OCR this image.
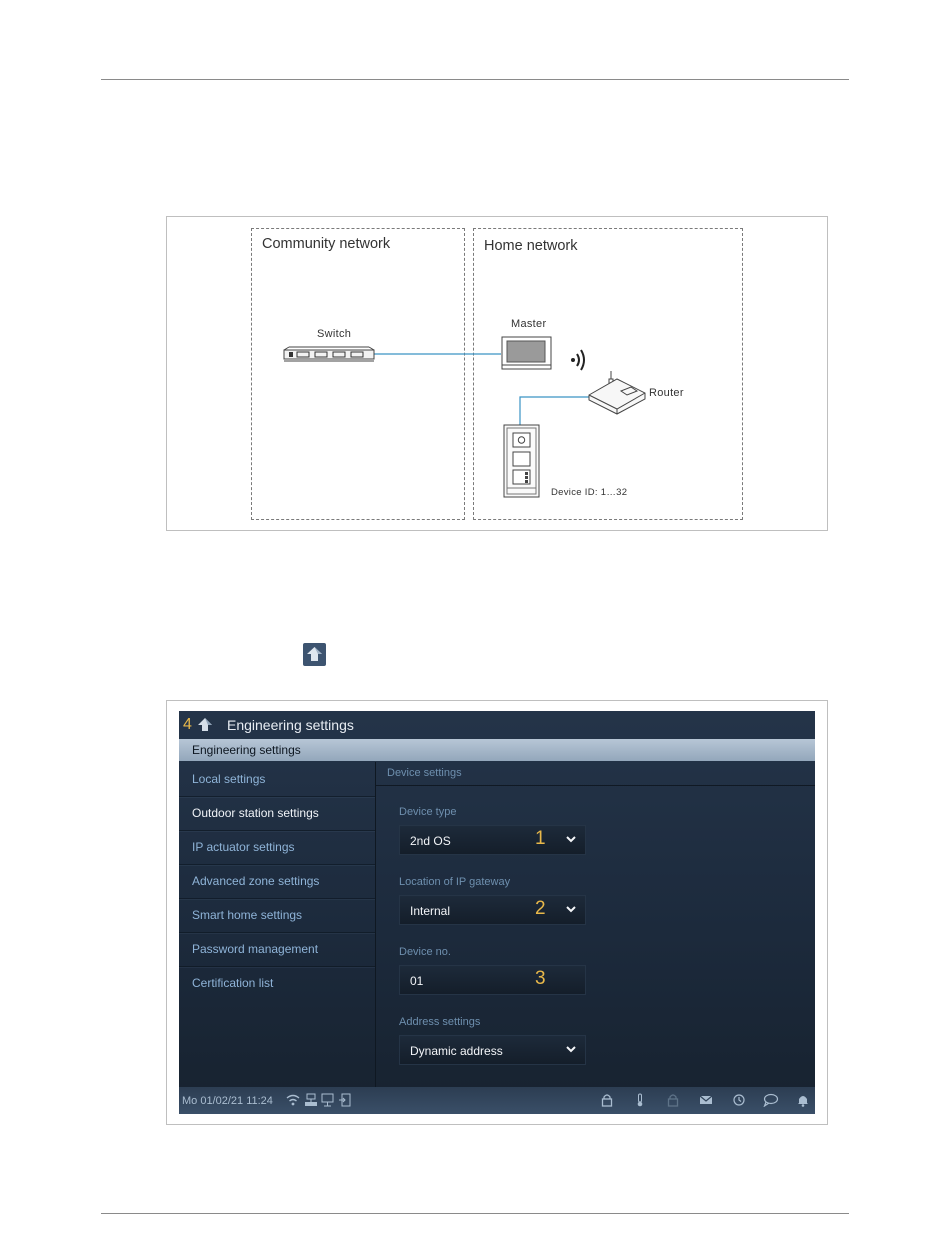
Community network	Home network
Switch
Master
Router
Device ID: 1…32
4	Engineering settings
Engineering settings
Local settings
Outdoor station settings
IP actuator settings
Advanced zone settings
Smart home settings
Password management
Certification list
Device settings
Device type
2nd OS	1
Location of IP gateway
Internal	2
Device no.
01	3
Address settings
Dynamic address
Mo 01/02/21 11:24
